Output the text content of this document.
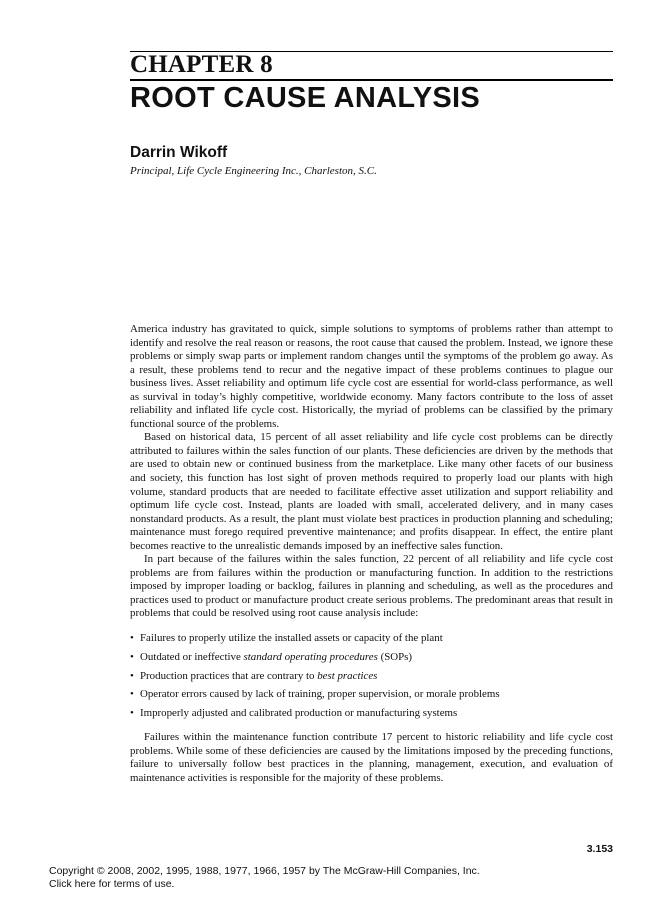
CHAPTER 8
ROOT CAUSE ANALYSIS
Darrin Wikoff
Principal, Life Cycle Engineering Inc., Charleston, S.C.

America industry has gravitated to quick, simple solutions to symptoms of problems rather than attempt to identify and resolve the real reason or reasons, the root cause that caused the problem. Instead, we ignore these problems or simply swap parts or implement random changes until the symptoms of the problem go away. As a result, these problems tend to recur and the negative impact of these problems continues to plague our business lives. Asset reliability and optimum life cycle cost are essential for world-class performance, as well as survival in today’s highly competitive, worldwide economy. Many factors contribute to the loss of asset reliability and inflated life cycle cost. Historically, the myriad of problems can be classified by the primary functional source of the problems.

Based on historical data, 15 percent of all asset reliability and life cycle cost problems can be directly attributed to failures within the sales function of our plants. These deficiencies are driven by the methods that are used to obtain new or continued business from the marketplace. Like many other facets of our business and society, this function has lost sight of proven methods required to properly load our plants with high volume, standard products that are needed to facilitate effective asset utilization and support reliability and optimum life cycle cost. Instead, plants are loaded with small, accelerated delivery, and in many cases nonstandard products. As a result, the plant must violate best practices in production planning and scheduling; maintenance must forego required preventive maintenance; and profits disappear. In effect, the entire plant becomes reactive to the unrealistic demands imposed by an ineffective sales function.

In part because of the failures within the sales function, 22 percent of all reliability and life cycle cost problems are from failures within the production or manufacturing function. In addition to the restrictions imposed by improper loading or backlog, failures in planning and scheduling, as well as the procedures and practices used to product or manufacture product create serious problems. The predominant areas that result in problems that could be resolved using root cause analysis include:

• Failures to properly utilize the installed assets or capacity of the plant
• Outdated or ineffective standard operating procedures (SOPs)
• Production practices that are contrary to best practices
• Operator errors caused by lack of training, proper supervision, or morale problems
• Improperly adjusted and calibrated production or manufacturing systems

Failures within the maintenance function contribute 17 percent to historic reliability and life cycle cost problems. While some of these deficiencies are caused by the limitations imposed by the preceding functions, failure to universally follow best practices in the planning, management, execution, and evaluation of maintenance activities is responsible for the majority of these problems.

3.153
Copyright © 2008, 2002, 1995, 1988, 1977, 1966, 1957 by The McGraw-Hill Companies, Inc.
Click here for terms of use.
